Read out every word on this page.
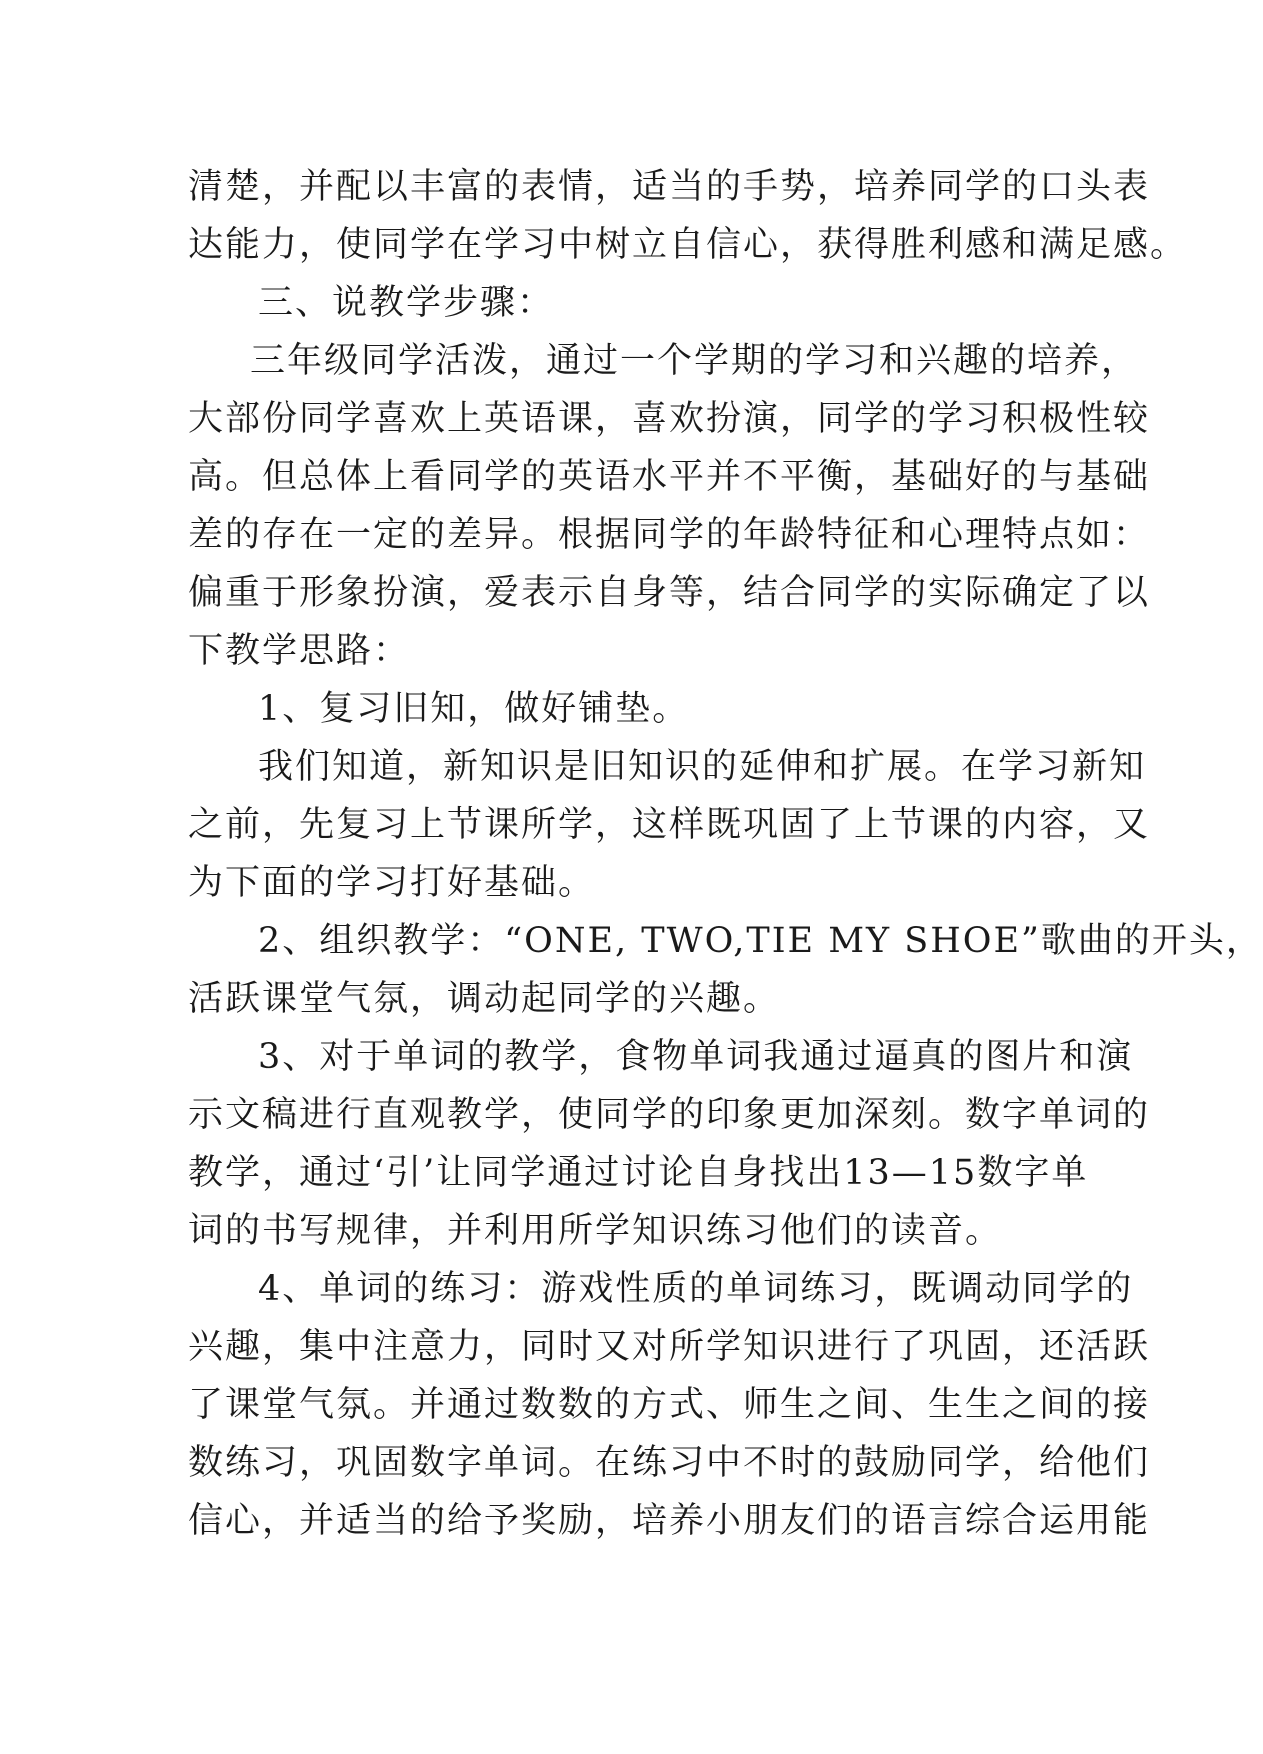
清楚，并配以丰富的表情，适当的手势，培养同学的口头表
达能力，使同学在学习中树立自信心，获得胜利感和满足感。
三、说教学步骤：
三年级同学活泼，通过一个学期的学习和兴趣的培养，
大部份同学喜欢上英语课，喜欢扮演，同学的学习积极性较
高。但总体上看同学的英语水平并不平衡，基础好的与基础
差的存在一定的差异。根据同学的年龄特征和心理特点如：
偏重于形象扮演，爱表示自身等，结合同学的实际确定了以
下教学思路：
1、复习旧知，做好铺垫。
我们知道，新知识是旧知识的延伸和扩展。在学习新知
之前，先复习上节课所学，这样既巩固了上节课的内容，又
为下面的学习打好基础。
2、组织教学：“ONE, TWO,TIE MY SHOE”歌曲的开头，
活跃课堂气氛，调动起同学的兴趣。
3、对于单词的教学，食物单词我通过逼真的图片和演
示文稿进行直观教学，使同学的印象更加深刻。数字单词的
教学，通过‘引’让同学通过讨论自身找出13—15数字单
词的书写规律，并利用所学知识练习他们的读音。
4、单词的练习：游戏性质的单词练习，既调动同学的
兴趣，集中注意力，同时又对所学知识进行了巩固，还活跃
了课堂气氛。并通过数数的方式、师生之间、生生之间的接
数练习，巩固数字单词。在练习中不时的鼓励同学，给他们
信心，并适当的给予奖励，培养小朋友们的语言综合运用能
